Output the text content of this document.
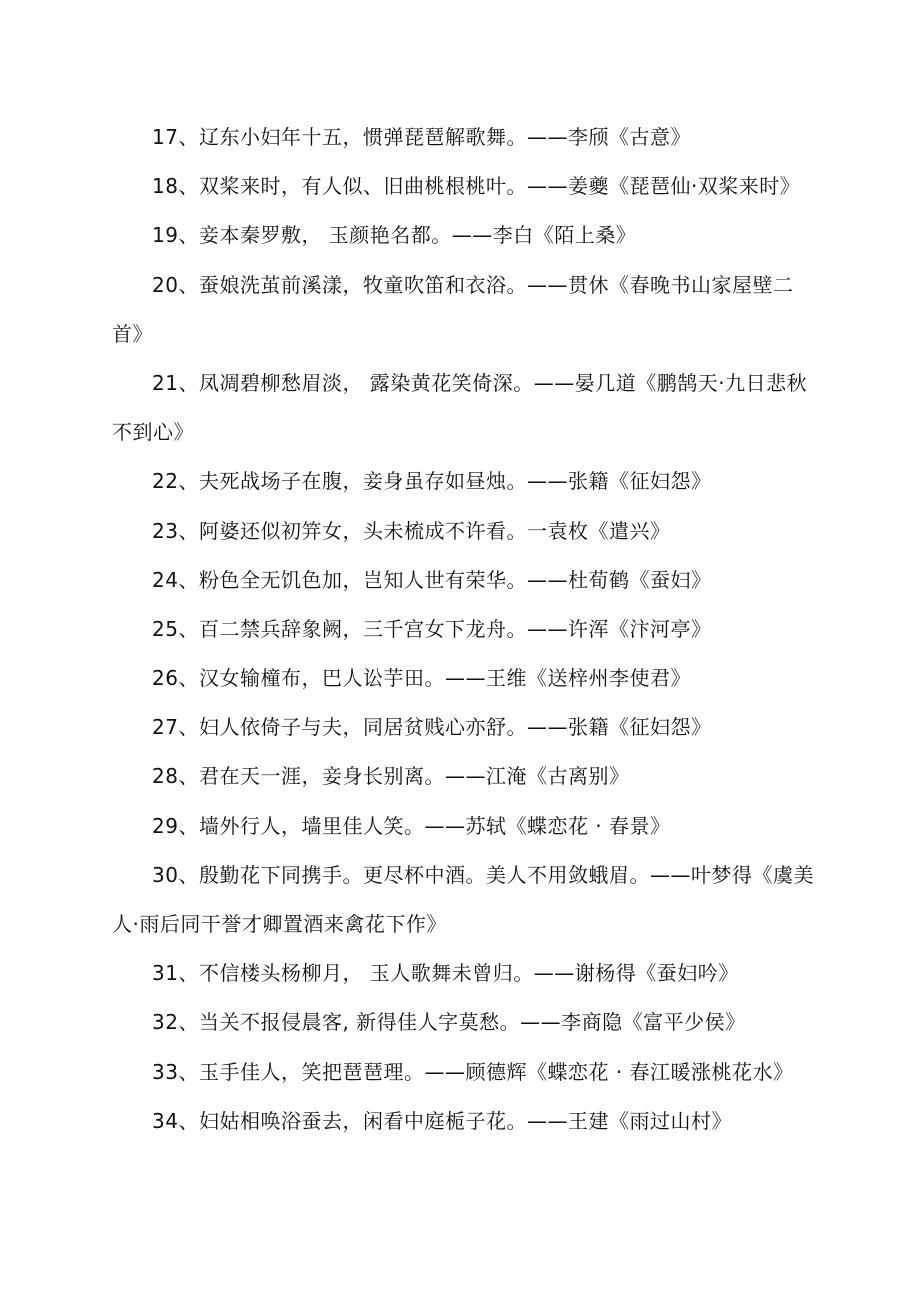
17、辽东小妇年十五，惯弹琵琶解歌舞。——李颀《古意》
18、双桨来时，有人似、旧曲桃根桃叶。——姜夔《琵琶仙·双桨来时》
19、妾本秦罗敷， 玉颜艳名都。——李白《陌上桑》
20、蚕娘洗茧前溪漾，牧童吹笛和衣浴。——贯休《春晚书山家屋壁二
首》
21、凤凋碧柳愁眉淡， 露染黄花笑倚深。——晏几道《鹏鹄天·九日悲秋
不到心》
22、夫死战场子在腹，妾身虽存如昼烛。——张籍《征妇怨》
23、阿婆还似初笄女，头未梳成不许看。一袁枚《遣兴》
24、粉色全无饥色加，岂知人世有荣华。——杜荀鹤《蚕妇》
25、百二禁兵辞象阙，三千宫女下龙舟。——许浑《汴河亭》
26、汉女输橦布，巴人讼芋田。——王维《送梓州李使君》
27、妇人依倚子与夫，同居贫贱心亦舒。——张籍《征妇怨》
28、君在天一涯，妾身长别离。——江淹《古离别》
29、墙外行人，墙里佳人笑。——苏轼《蝶恋花 · 春景》
30、殷勤花下同携手。更尽杯中酒。美人不用敛蛾眉。——叶梦得《虞美
人·雨后同干誉才卿置酒来禽花下作》
31、不信楼头杨柳月， 玉人歌舞未曾归。——谢杨得《蚕妇吟》
32、当关不报侵晨客, 新得佳人字莫愁。——李商隐《富平少侯》
33、玉手佳人，笑把琶琶理。——顾德辉《蝶恋花 · 春江暖涨桃花水》
34、妇姑相唤浴蚕去，闲看中庭栀子花。——王建《雨过山村》
